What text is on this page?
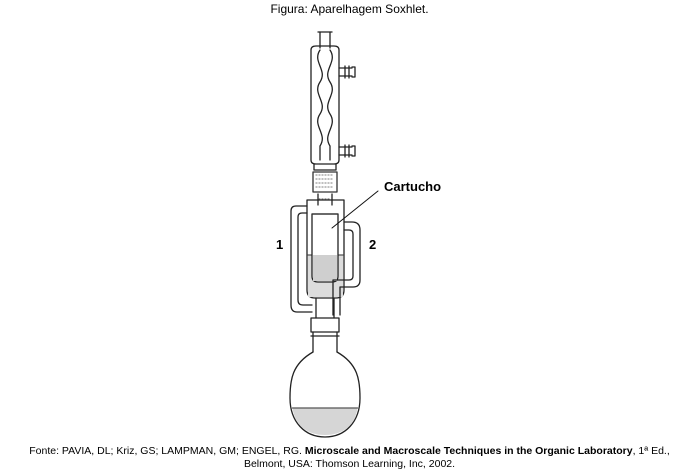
Figura: Aparelhagem Soxhlet.
Cartucho
1	2
Fonte: PAVIA, DL; Kriz, GS; LAMPMAN, GM; ENGEL, RG. Microscale and Macroscale Techniques in the Organic Laboratory, 1ª Ed.,
Belmont, USA: Thomson Learning, Inc, 2002.
